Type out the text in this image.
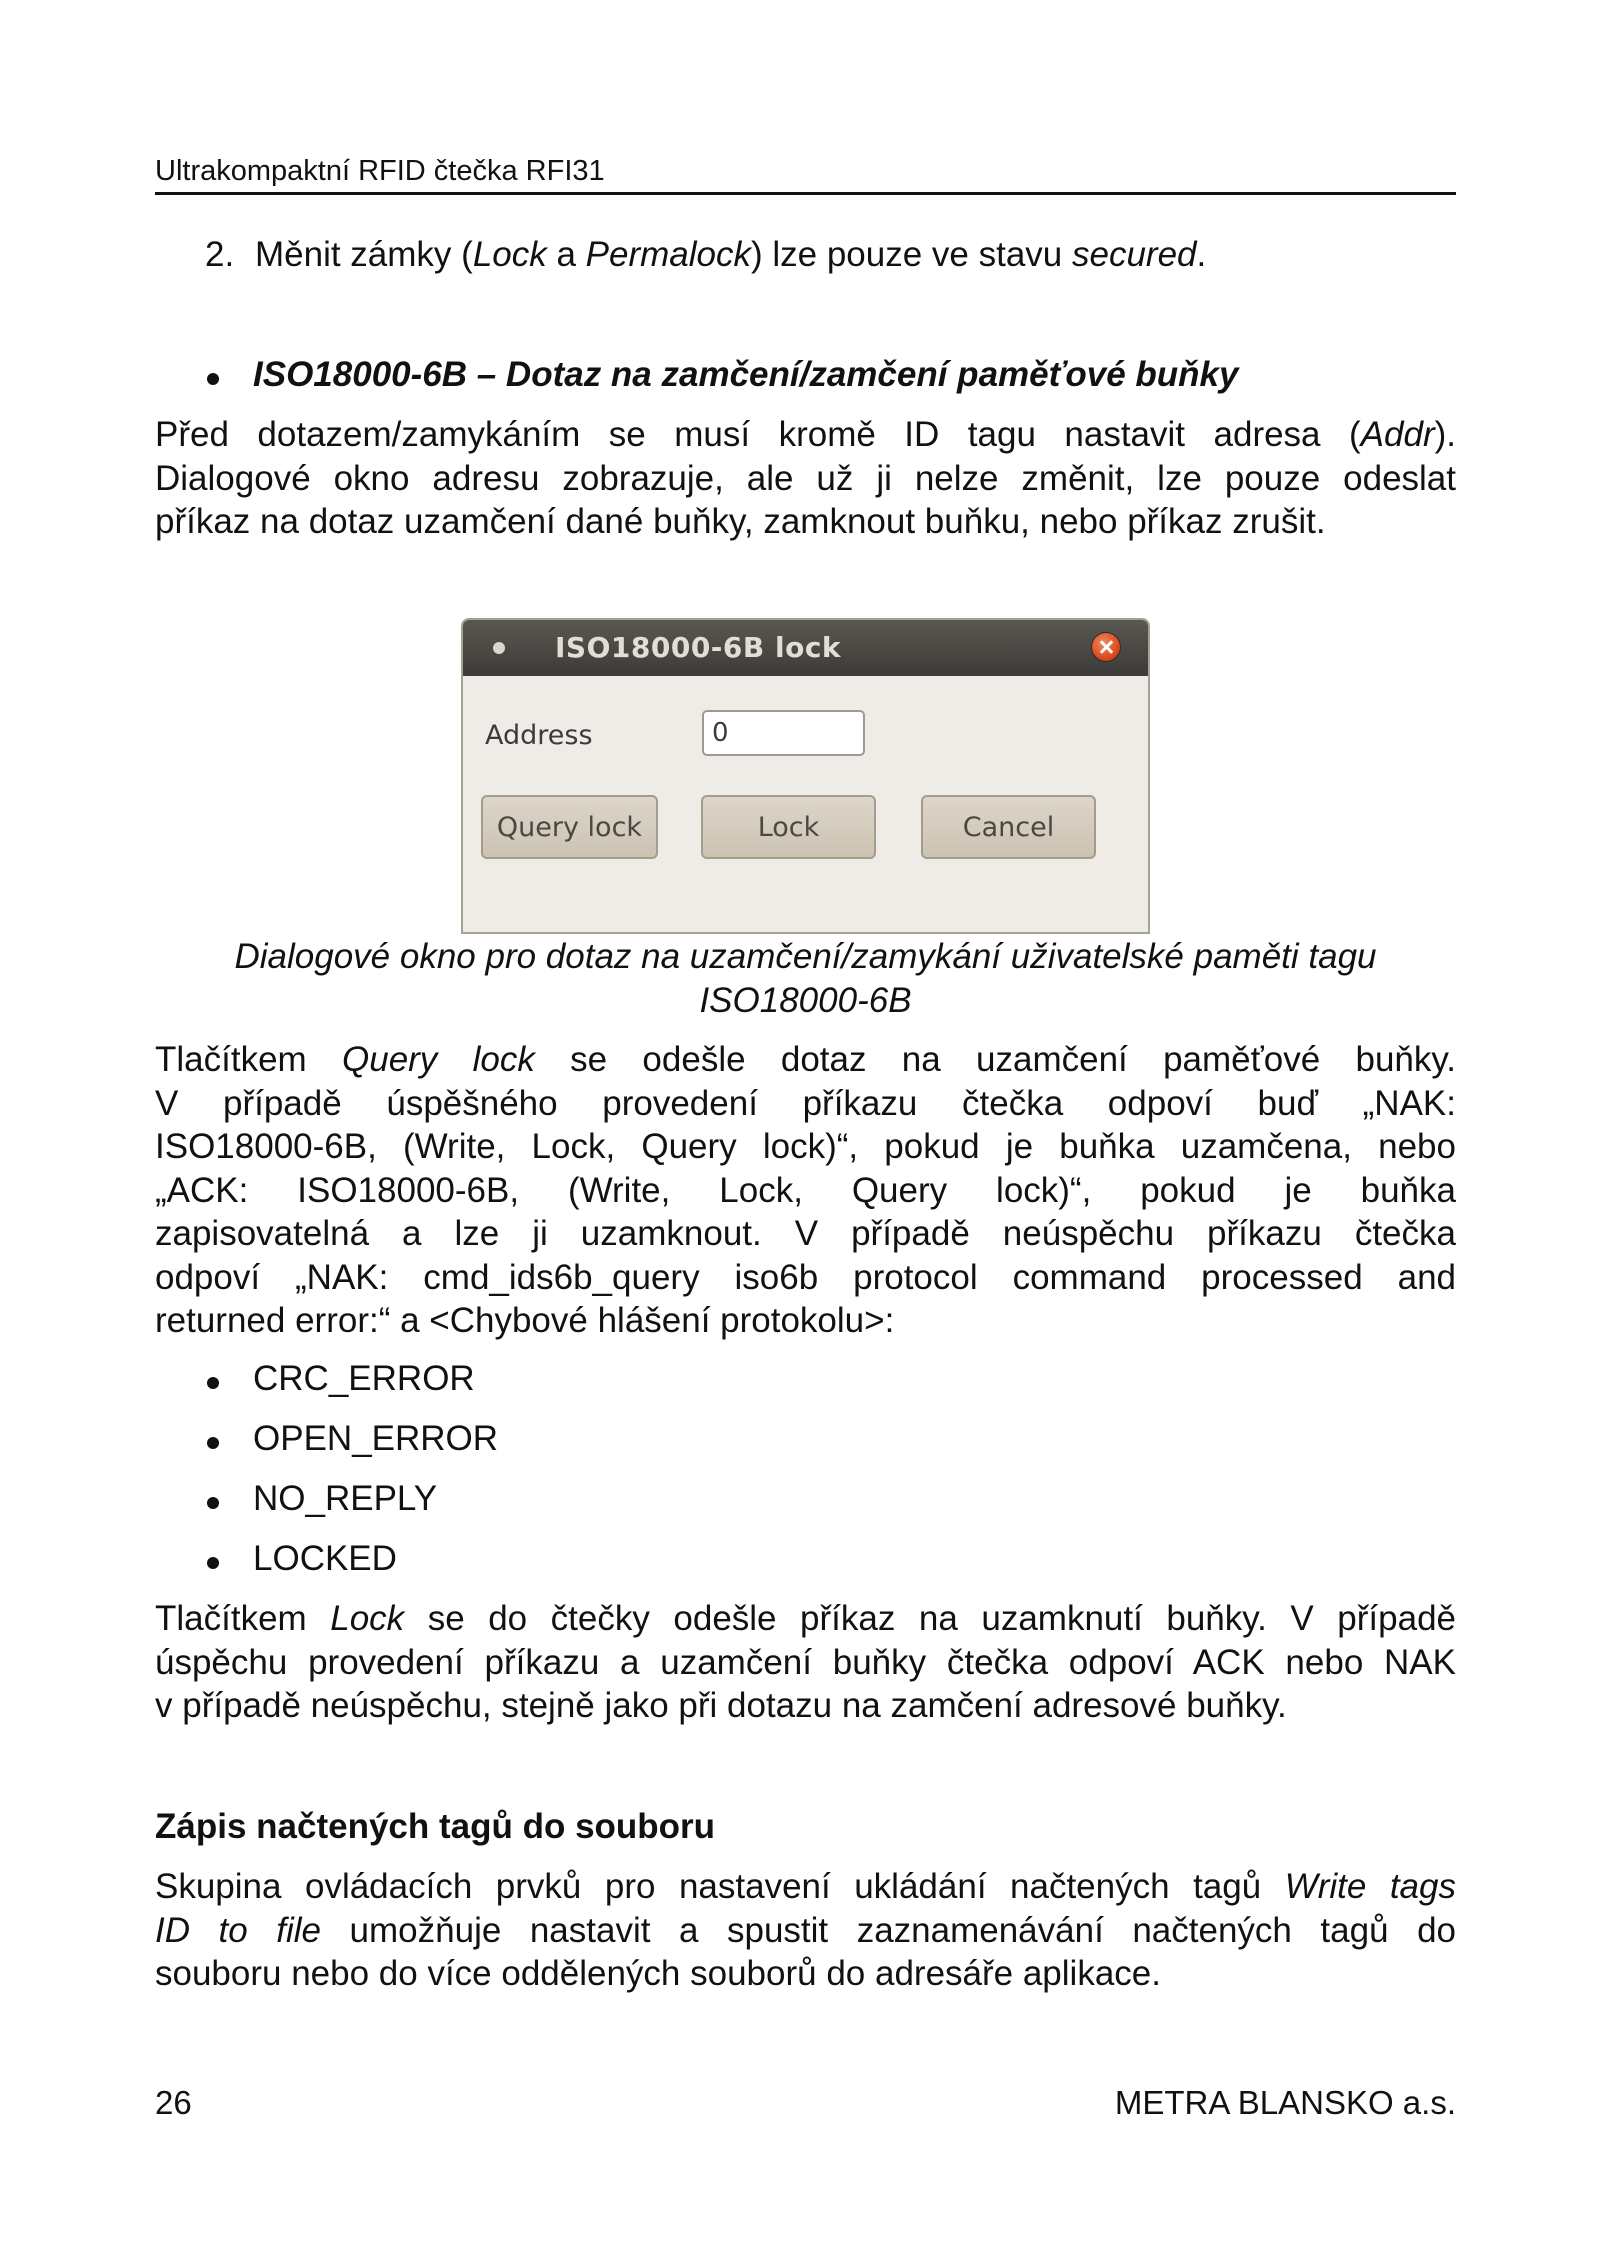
Ultrakompaktní RFID čtečka RFI31
2. Měnit zámky (Lock a Permalock) lze pouze ve stavu secured.
ISO18000-6B – Dotaz na zamčení/zamčení paměťové buňky
Před dotazem/zamykáním se musí kromě ID tagu nastavit adresa (Addr).
Dialogové okno adresu zobrazuje, ale už ji nelze změnit, lze pouze odeslat
příkaz na dotaz uzamčení dané buňky, zamknout buňku, nebo příkaz zrušit.
ISO18000-6B lock
Address
0
Query lock	Lock	Cancel
Dialogové okno pro dotaz na uzamčení/zamykání uživatelské paměti tagu
ISO18000-6B
Tlačítkem Query lock se odešle dotaz na uzamčení paměťové buňky.
V případě úspěšného provedení příkazu čtečka odpoví buď „NAK:
ISO18000-6B, (Write, Lock, Query lock)“, pokud je buňka uzamčena, nebo
„ACK: ISO18000-6B, (Write, Lock, Query lock)“, pokud je buňka
zapisovatelná a lze ji uzamknout. V případě neúspěchu příkazu čtečka
odpoví „NAK: cmd_ids6b_query iso6b protocol command processed and
returned error:“ a <Chybové hlášení protokolu>:
CRC_ERROR
OPEN_ERROR
NO_REPLY
LOCKED
Tlačítkem Lock se do čtečky odešle příkaz na uzamknutí buňky. V případě
úspěchu provedení příkazu a uzamčení buňky čtečka odpoví ACK nebo NAK
v případě neúspěchu, stejně jako při dotazu na zamčení adresové buňky.
Zápis načtených tagů do souboru
Skupina ovládacích prvků pro nastavení ukládání načtených tagů Write tags
ID to file umožňuje nastavit a spustit zaznamenávání načtených tagů do
souboru nebo do více oddělených souborů do adresáře aplikace.
26	METRA BLANSKO a.s.
